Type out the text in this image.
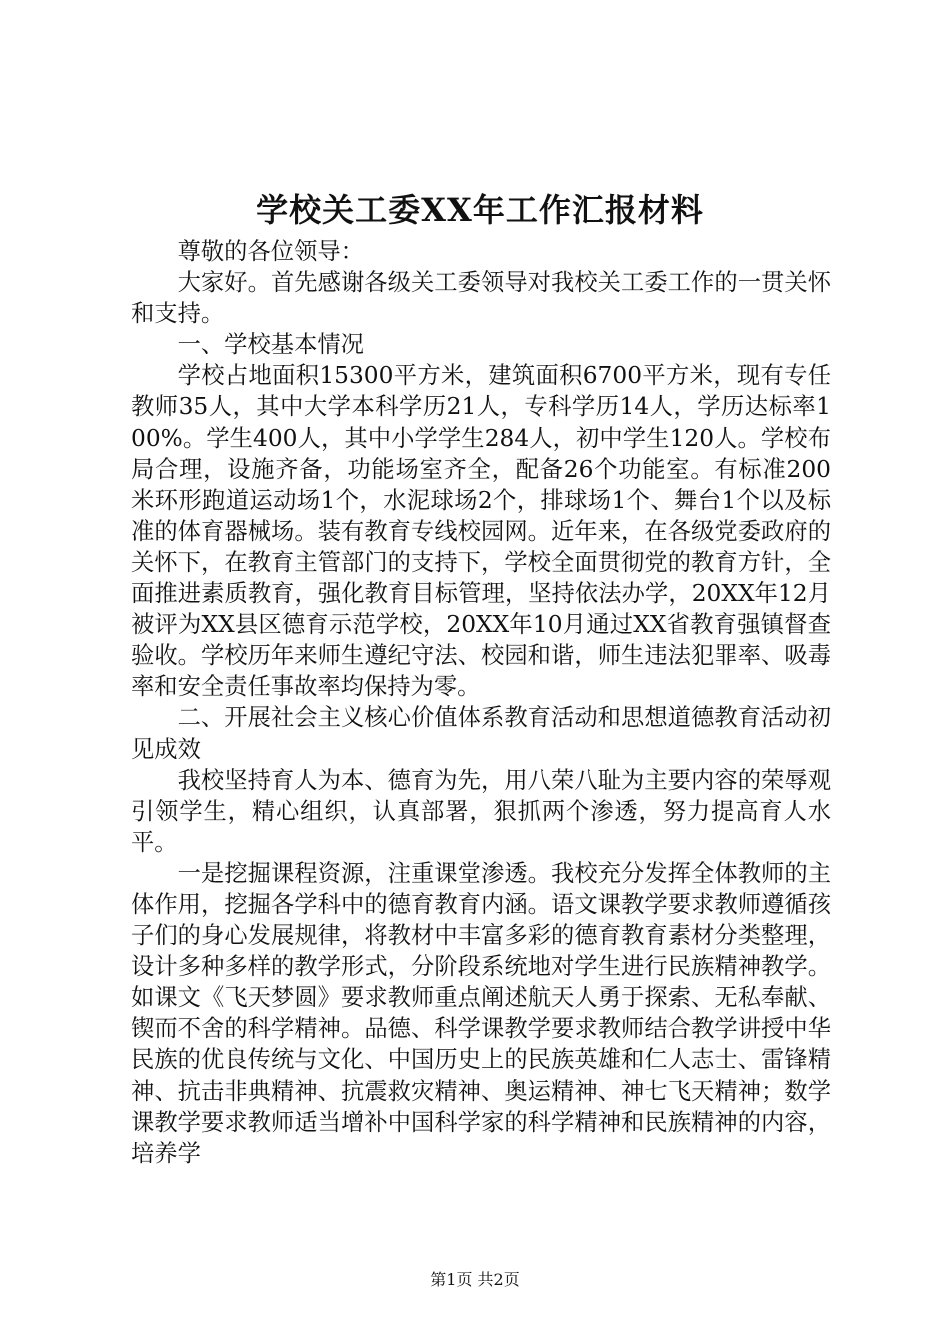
学校关工委XX年工作汇报材料

尊敬的各位领导：

大家好。首先感谢各级关工委领导对我校关工委工作的一贯关怀和支持。

一、学校基本情况

学校占地面积15300平方米，建筑面积6700平方米，现有专任教师35人，其中大学本科学历21人，专科学历14人，学历达标率100%。学生400人，其中小学学生284人，初中学生120人。学校布局合理，设施齐备，功能场室齐全，配备26个功能室。有标准200米环形跑道运动场1个，水泥球场2个，排球场1个、舞台1个以及标准的体育器械场。装有教育专线校园网。近年来，在各级党委政府的关怀下，在教育主管部门的支持下，学校全面贯彻党的教育方针，全面推进素质教育，强化教育目标管理，坚持依法办学，20XX年12月被评为XX县区德育示范学校，20XX年10月通过XX省教育强镇督查验收。学校历年来师生遵纪守法、校园和谐，师生违法犯罪率、吸毒率和安全责任事故率均保持为零。

二、开展社会主义核心价值体系教育活动和思想道德教育活动初见成效

我校坚持育人为本、德育为先，用八荣八耻为主要内容的荣辱观引领学生，精心组织，认真部署，狠抓两个渗透，努力提高育人水平。

一是挖掘课程资源，注重课堂渗透。我校充分发挥全体教师的主体作用，挖掘各学科中的德育教育内涵。语文课教学要求教师遵循孩子们的身心发展规律，将教材中丰富多彩的德育教育素材分类整理，设计多种多样的教学形式，分阶段系统地对学生进行民族精神教学。如课文《飞天梦圆》要求教师重点阐述航天人勇于探索、无私奉献、锲而不舍的科学精神。品德、科学课教学要求教师结合教学讲授中华民族的优良传统与文化、中国历史上的民族英雄和仁人志士、雷锋精神、抗击非典精神、抗震救灾精神、奥运精神、神七飞天精神；数学课教学要求教师适当增补中国科学家的科学精神和民族精神的内容，培养学

第1页 共2页
